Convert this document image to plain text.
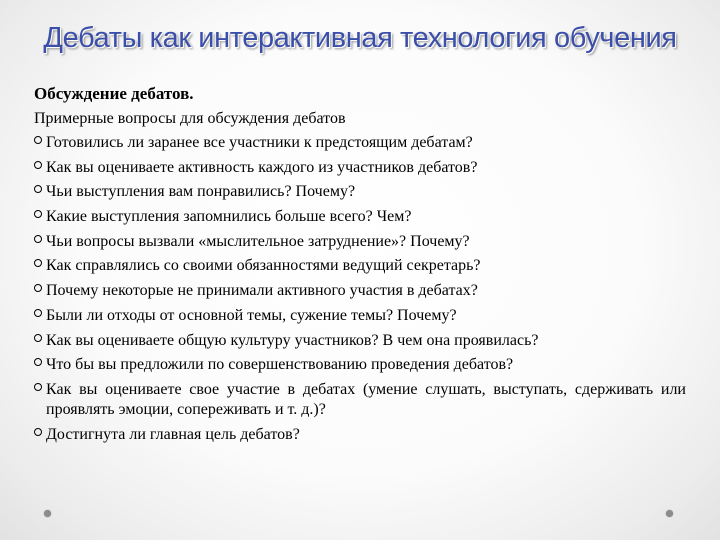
Дебаты как интерактивная технология обучения
Обсуждение дебатов.
Примерные вопросы для обсуждения дебатов
Готовились ли заранее все участники к предстоящим дебатам?
Как вы оцениваете активность каждого из участников дебатов?
Чьи выступления вам понравились? Почему?
Какие выступления запомнились больше всего? Чем?
Чьи вопросы вызвали «мыслительное затруднение»? Почему?
Как справлялись со своими обязанностями ведущий секретарь?
Почему некоторые не принимали активного участия в дебатах?
Были ли отходы от основной темы, сужение темы? Почему?
Как вы оцениваете общую культуру участников? В чем она проявилась?
Что бы вы предложили по совершенствованию проведения дебатов?
Как вы оцениваете свое участие в дебатах (умение слушать, выступать, сдерживать или проявлять эмоции, сопереживать и т. д.)?
Достигнута ли главная цель дебатов?
